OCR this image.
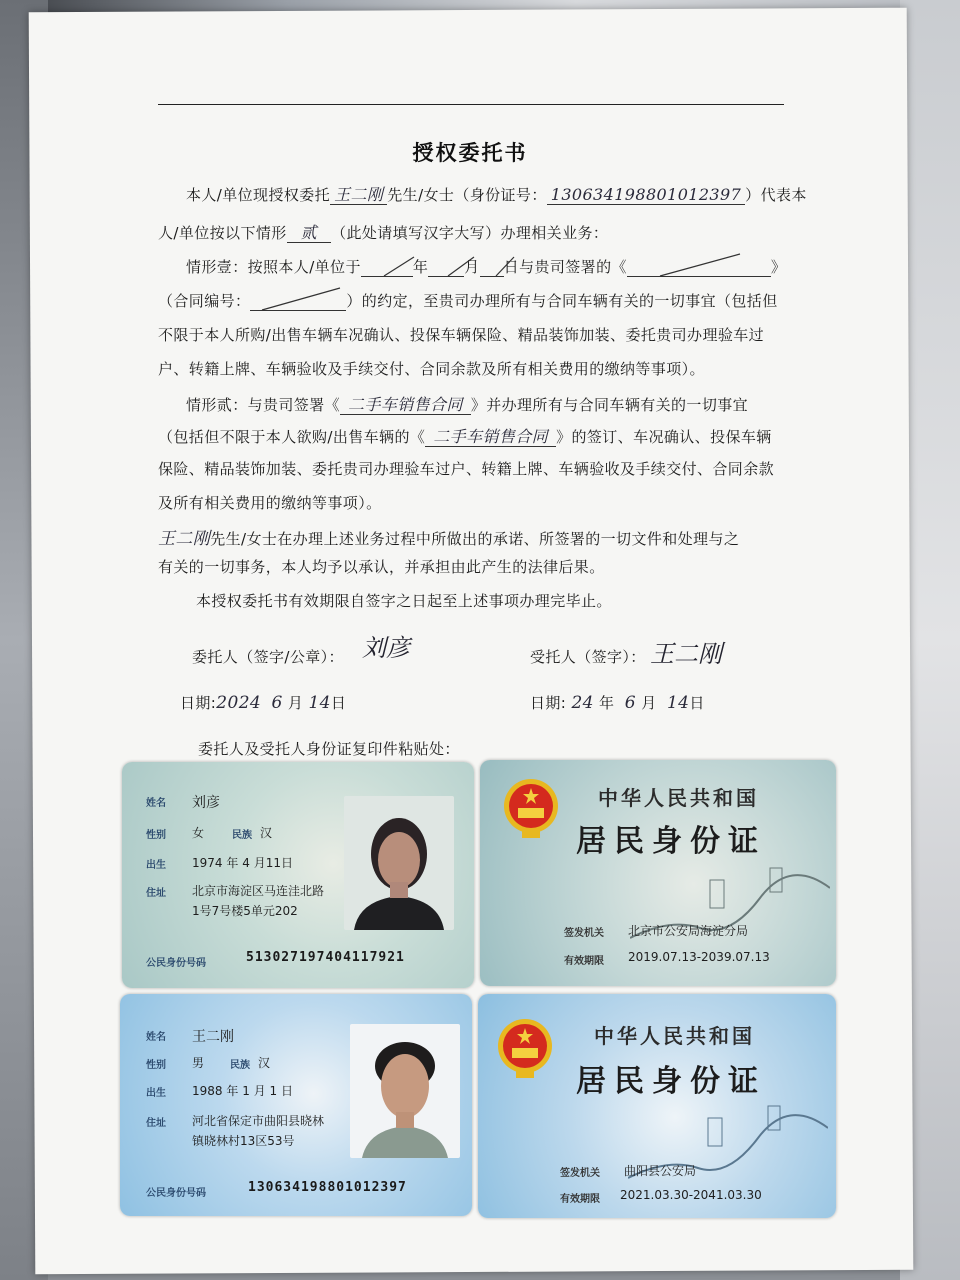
授权委托书
本人/单位现授权委托 王二刚 先生/女士（身份证号： 130634198801012397 ）代表本
人/单位按以下情形 贰 （此处请填写汉字大写）办理相关业务：
情形壹：按照本人/单位于 	年  月  日与贵司签署的《 	》
（合同编号： 	）的约定，至贵司办理所有与合同车辆有关的一切事宜（包括但
不限于本人所购/出售车辆车况确认、投保车辆保险、精品装饰加装、委托贵司办理验车过
户、转籍上牌、车辆验收及手续交付、合同余款及所有相关费用的缴纳等事项）。
情形贰：与贵司签署《 二手车销售合同 》并办理所有与合同车辆有关的一切事宜
（包括但不限于本人欲购/出售车辆的《 二手车销售合同 》的签订、车况确认、投保车辆
保险、精品装饰加装、委托贵司办理验车过户、转籍上牌、车辆验收及手续交付、合同余款
及所有相关费用的缴纳等事项）。
王二刚先生/女士在办理上述业务过程中所做出的承诺、所签署的一切文件和处理与之
有关的一切事务，本人均予以承认，并承担由此产生的法律后果。
本授权委托书有效期限自签字之日起至上述事项办理完毕止。
委托人（签字/公章）： 刘彦	受托人（签字）： 王二刚
日期:2024 6 月 14日	日期: 24 年 6 月 14日
委托人及受托人身份证复印件粘贴处：
姓名 刘彦
性别 女	民族 汉
出生 1974 年 4 月11日
住址 北京市海淀区马连洼北路
1号7号楼5单元202
公民身份号码	513027197404117921
中华人民共和国
居民身份证
签发机关 北京市公安局海淀分局
有效期限 2019.07.13-2039.07.13
姓名 王二刚
性别 男	民族 汉
出生 1988 年 1 月 1 日
住址 河北省保定市曲阳县晓林
镇晓林村13区53号
公民身份号码	130634198801012397
中华人民共和国
居民身份证
签发机关 曲阳县公安局
有效期限 2021.03.30-2041.03.30
